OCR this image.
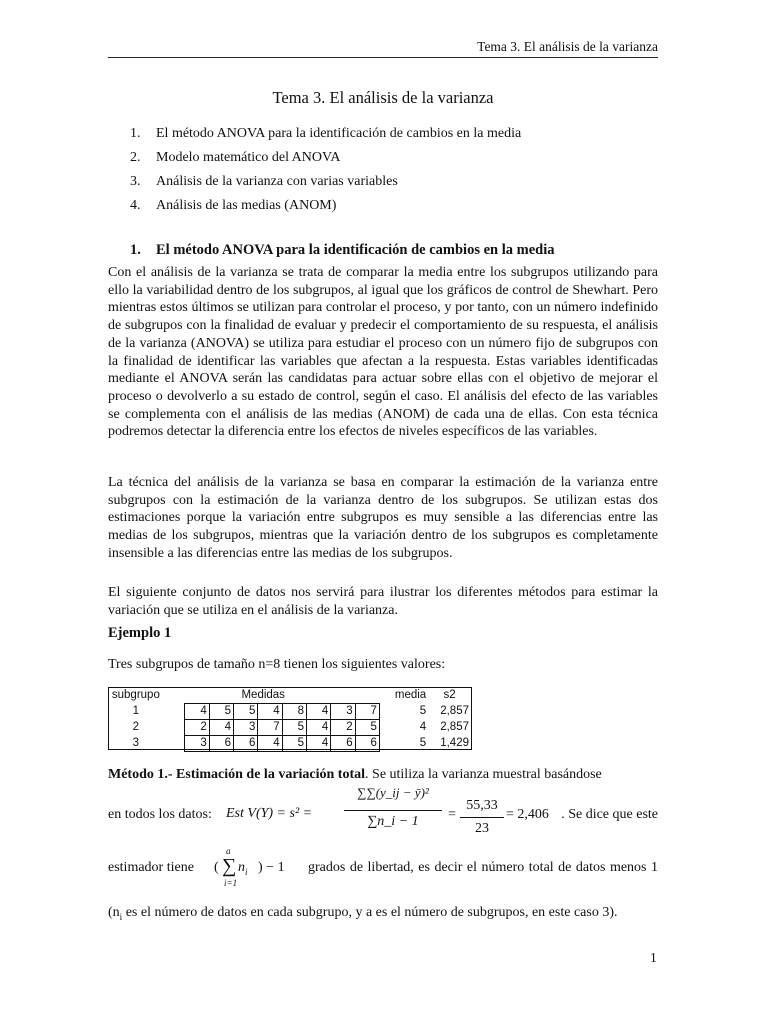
Tema 3. El análisis de la varianza
Tema 3. El análisis de la varianza
1.	El método ANOVA para la identificación de cambios en la media
2.	Modelo matemático del ANOVA
3.	Análisis de la varianza con varias variables
4.	Análisis de las medias (ANOM)
1.	El método ANOVA para la identificación de cambios en la media

Con el análisis de la varianza se trata de comparar la media entre los subgrupos utilizando para ello la variabilidad dentro de los subgrupos, al igual que los gráficos de control de Shewhart. Pero mientras estos últimos se utilizan para controlar el proceso, y por tanto, con un número indefinido de subgrupos con la finalidad de evaluar y predecir el comportamiento de su respuesta, el análisis de la varianza (ANOVA) se utiliza para estudiar el proceso con un número fijo de subgrupos con la finalidad de identificar las variables que afectan a la respuesta. Estas variables identificadas mediante el ANOVA serán las candidatas para actuar sobre ellas con el objetivo de mejorar el proceso o devolverlo a su estado de control, según el caso. El análisis del efecto de las variables se complementa con el análisis de las medias (ANOM) de cada una de ellas. Con esta técnica podremos detectar la diferencia entre los efectos de niveles específicos de las variables.

La técnica del análisis de la varianza se basa en comparar la estimación de la varianza entre subgrupos con la estimación de la varianza dentro de los subgrupos. Se utilizan estas dos estimaciones porque la variación entre subgrupos es muy sensible a las diferencias entre las medias de los subgrupos, mientras que la variación dentro de los subgrupos es completamente insensible a las diferencias entre las medias de los subgrupos.

El siguiente conjunto de datos nos servirá para ilustrar los diferentes métodos para estimar la variación que se utiliza en el análisis de la varianza.

Ejemplo 1
Tres subgrupos de tamaño n=8 tienen los siguientes valores:
subgrupo		Medidas								media	s2
1		4	5	5	4	8	4	3	7	5	2,857
2		2	4	3	7	5	4	2	5	4	2,857
3		3	6	6	4	5	4	6	6	5	1,429
Método 1.- Estimación de la variación total. Se utiliza la varianza muestral basándose
en todos los datos: Est V(Y) = s² =
∑∑(y_ij − ȳ)²
∑n_i − 1	=
55,33
23
= 2,406 . Se dice que este
estimador tiene (
a
∑
i=1
$n_i$ ) − 1 grados de libertad, es decir el número total de datos menos 1

($n_i$ es el número de datos en cada subgrupo, y a es el número de subgrupos, en este caso 3).

1
